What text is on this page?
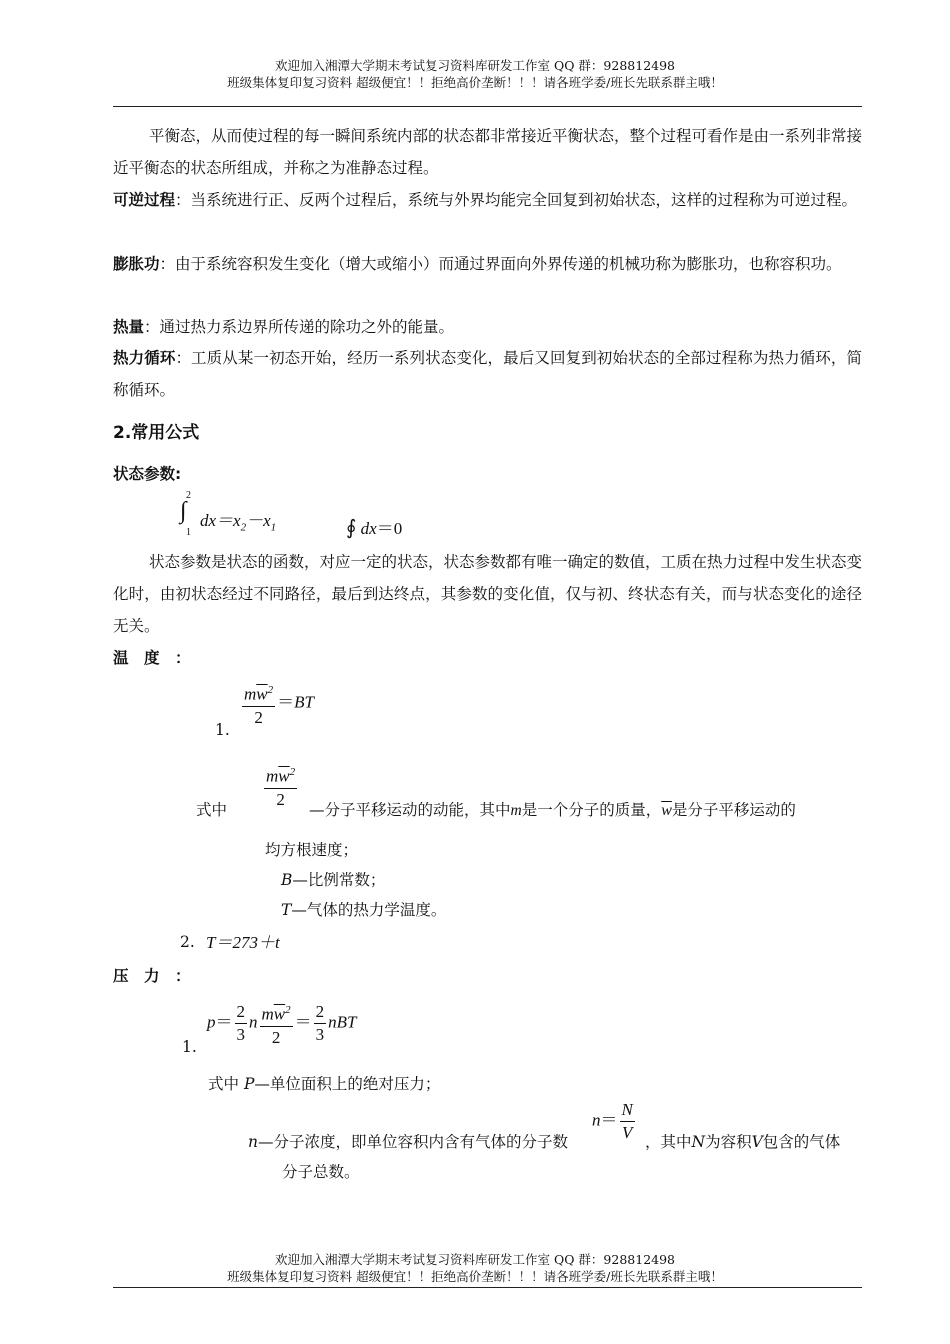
欢迎加入湘潭大学期末考试复习资料库研发工作室 QQ 群：928812498
班级集体复印复习资料 超级便宜！！拒绝高价垄断！！！请各班学委/班长先联系群主哦！
平衡态，从而使过程的每一瞬间系统内部的状态都非常接近平衡状态，整个过程可看作是由一系列非常接近平衡态的状态所组成，并称之为准静态过程。
可逆过程：当系统进行正、反两个过程后，系统与外界均能完全回复到初始状态，这样的过程称为可逆过程。
膨胀功：由于系统容积发生变化（增大或缩小）而通过界面向外界传递的机械功称为膨胀功，也称容积功。
热量：通过热力系边界所传递的除功之外的能量。
热力循环：工质从某一初态开始，经历一系列状态变化，最后又回复到初始状态的全部过程称为热力循环，简称循环。
2.常用公式
状态参数:
2
∫
1
$dx=x_2-x_1$	∮ dx＝0
状态参数是状态的函数，对应一定的状态，状态参数都有唯一确定的数值，工质在热力过程中发生状态变化时，由初状态经过不同路径，最后到达终点，其参数的变化值，仅与初、终状态有关，而与状态变化的途径无关。
温　度　：
1.
$\frac{m\overline{w}^2}{2} =BT$
式中
$\frac{m\overline{w}^2}{2}$
—分子平移运动的动能，其中m是一个分子的质量，$\overline{w}$是分子平移运动的
均方根速度；
B—比例常数；
T—气体的热力学温度。
2. T＝273＋t
压　力　：
1.
$p= \frac{2}{3}$ n $\frac{m\overline{w}^2}{2} = \frac{2}{3}$ nBT
式中 P—单位面积上的绝对压力；
n—分子浓度，即单位容积内含有气体的分子数
$n= \frac{N}{V}$ ，其中N为容积V包含的气体
分子总数。
欢迎加入湘潭大学期末考试复习资料库研发工作室 QQ 群：928812498
班级集体复印复习资料 超级便宜！！拒绝高价垄断！！！请各班学委/班长先联系群主哦！
